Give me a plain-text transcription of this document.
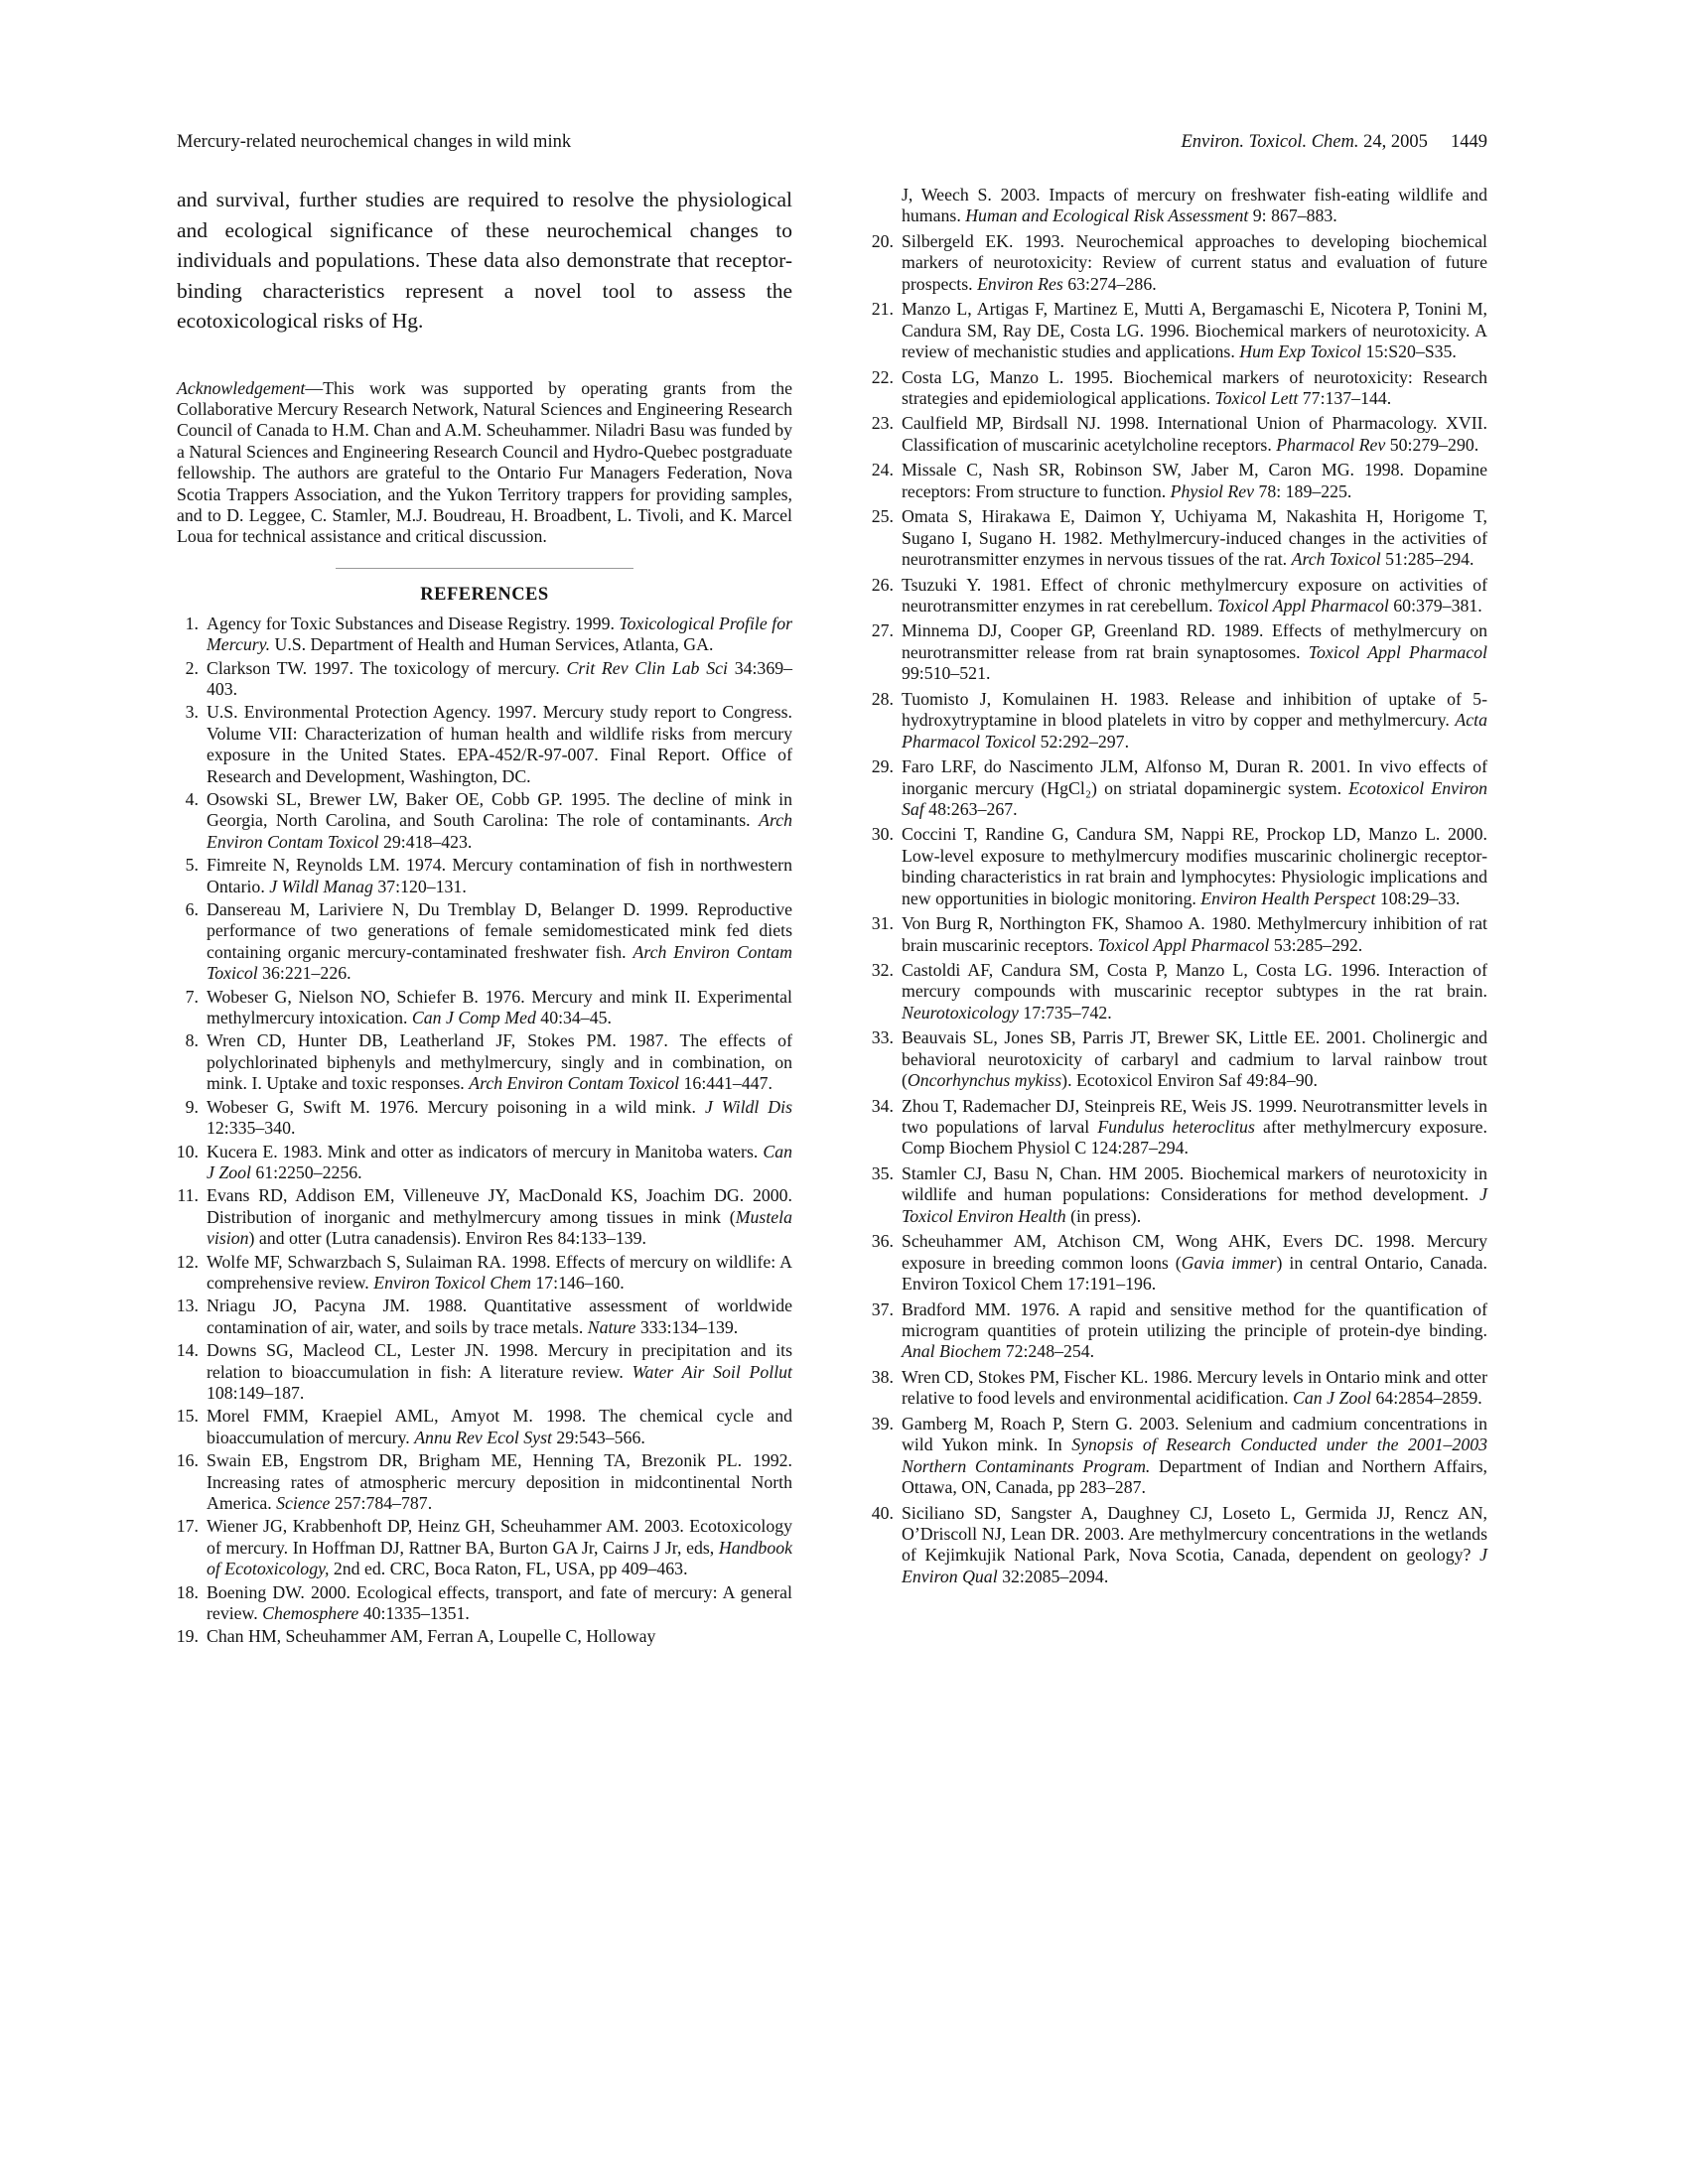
Mercury-related neurochemical changes in wild mink	Environ. Toxicol. Chem. 24, 2005 1449

and survival, further studies are required to resolve the physiological and ecological significance of these neurochemical changes to individuals and populations. These data also demonstrate that receptor-binding characteristics represent a novel tool to assess the ecotoxicological risks of Hg.

Acknowledgement—This work was supported by operating grants from the Collaborative Mercury Research Network, Natural Sciences and Engineering Research Council of Canada to H.M. Chan and A.M. Scheuhammer. Niladri Basu was funded by a Natural Sciences and Engineering Research Council and Hydro-Quebec postgraduate fellowship. The authors are grateful to the Ontario Fur Managers Federation, Nova Scotia Trappers Association, and the Yukon Territory trappers for providing samples, and to D. Leggee, C. Stamler, M.J. Boudreau, H. Broadbent, L. Tivoli, and K. Marcel Loua for technical assistance and critical discussion.

REFERENCES
1. Agency for Toxic Substances and Disease Registry. 1999. Toxicological Profile for Mercury. U.S. Department of Health and Human Services, Atlanta, GA.
2. Clarkson TW. 1997. The toxicology of mercury. Crit Rev Clin Lab Sci 34:369–403.
3. U.S. Environmental Protection Agency. 1997. Mercury study report to Congress. Volume VII: Characterization of human health and wildlife risks from mercury exposure in the United States. EPA-452/R-97-007. Final Report. Office of Research and Development, Washington, DC.
4. Osowski SL, Brewer LW, Baker OE, Cobb GP. 1995. The decline of mink in Georgia, North Carolina, and South Carolina: The role of contaminants. Arch Environ Contam Toxicol 29:418–423.
5. Fimreite N, Reynolds LM. 1974. Mercury contamination of fish in northwestern Ontario. J Wildl Manag 37:120–131.
6. Dansereau M, Lariviere N, Du Tremblay D, Belanger D. 1999. Reproductive performance of two generations of female semidomesticated mink fed diets containing organic mercury-contaminated freshwater fish. Arch Environ Contam Toxicol 36:221–226.
7. Wobeser G, Nielson NO, Schiefer B. 1976. Mercury and mink II. Experimental methylmercury intoxication. Can J Comp Med 40:34–45.
8. Wren CD, Hunter DB, Leatherland JF, Stokes PM. 1987. The effects of polychlorinated biphenyls and methylmercury, singly and in combination, on mink. I. Uptake and toxic responses. Arch Environ Contam Toxicol 16:441–447.
9. Wobeser G, Swift M. 1976. Mercury poisoning in a wild mink. J Wildl Dis 12:335–340.
10. Kucera E. 1983. Mink and otter as indicators of mercury in Manitoba waters. Can J Zool 61:2250–2256.
11. Evans RD, Addison EM, Villeneuve JY, MacDonald KS, Joachim DG. 2000. Distribution of inorganic and methylmercury among tissues in mink (Mustela vision) and otter (Lutra canadensis). Environ Res 84:133–139.
12. Wolfe MF, Schwarzbach S, Sulaiman RA. 1998. Effects of mercury on wildlife: A comprehensive review. Environ Toxicol Chem 17:146–160.
13. Nriagu JO, Pacyna JM. 1988. Quantitative assessment of worldwide contamination of air, water, and soils by trace metals. Nature 333:134–139.
14. Downs SG, Macleod CL, Lester JN. 1998. Mercury in precipitation and its relation to bioaccumulation in fish: A literature review. Water Air Soil Pollut 108:149–187.
15. Morel FMM, Kraepiel AML, Amyot M. 1998. The chemical cycle and bioaccumulation of mercury. Annu Rev Ecol Syst 29:543–566.
16. Swain EB, Engstrom DR, Brigham ME, Henning TA, Brezonik PL. 1992. Increasing rates of atmospheric mercury deposition in midcontinental North America. Science 257:784–787.
17. Wiener JG, Krabbenhoft DP, Heinz GH, Scheuhammer AM. 2003. Ecotoxicology of mercury. In Hoffman DJ, Rattner BA, Burton GA Jr, Cairns J Jr, eds, Handbook of Ecotoxicology, 2nd ed. CRC, Boca Raton, FL, USA, pp 409–463.
18. Boening DW. 2000. Ecological effects, transport, and fate of mercury: A general review. Chemosphere 40:1335–1351.
19. Chan HM, Scheuhammer AM, Ferran A, Loupelle C, Holloway

J, Weech S. 2003. Impacts of mercury on freshwater fish-eating wildlife and humans. Human and Ecological Risk Assessment 9: 867–883.

20. Silbergeld EK. 1993. Neurochemical approaches to developing biochemical markers of neurotoxicity: Review of current status and evaluation of future prospects. Environ Res 63:274–286.
21. Manzo L, Artigas F, Martinez E, Mutti A, Bergamaschi E, Nicotera P, Tonini M, Candura SM, Ray DE, Costa LG. 1996. Biochemical markers of neurotoxicity. A review of mechanistic studies and applications. Hum Exp Toxicol 15:S20–S35.
22. Costa LG, Manzo L. 1995. Biochemical markers of neurotoxicity: Research strategies and epidemiological applications. Toxicol Lett 77:137–144.
23. Caulfield MP, Birdsall NJ. 1998. International Union of Pharmacology. XVII. Classification of muscarinic acetylcholine receptors. Pharmacol Rev 50:279–290.
24. Missale C, Nash SR, Robinson SW, Jaber M, Caron MG. 1998. Dopamine receptors: From structure to function. Physiol Rev 78: 189–225.
25. Omata S, Hirakawa E, Daimon Y, Uchiyama M, Nakashita H, Horigome T, Sugano I, Sugano H. 1982. Methylmercury-induced changes in the activities of neurotransmitter enzymes in nervous tissues of the rat. Arch Toxicol 51:285–294.
26. Tsuzuki Y. 1981. Effect of chronic methylmercury exposure on activities of neurotransmitter enzymes in rat cerebellum. Toxicol Appl Pharmacol 60:379–381.
27. Minnema DJ, Cooper GP, Greenland RD. 1989. Effects of methylmercury on neurotransmitter release from rat brain synaptosomes. Toxicol Appl Pharmacol 99:510–521.
28. Tuomisto J, Komulainen H. 1983. Release and inhibition of uptake of 5-hydroxytryptamine in blood platelets in vitro by copper and methylmercury. Acta Pharmacol Toxicol 52:292–297.
29. Faro LRF, do Nascimento JLM, Alfonso M, Duran R. 2001. In vivo effects of inorganic mercury (HgCl₂) on striatal dopaminergic system. Ecotoxicol Environ Saf 48:263–267.
30. Coccini T, Randine G, Candura SM, Nappi RE, Prockop LD, Manzo L. 2000. Low-level exposure to methylmercury modifies muscarinic cholinergic receptor-binding characteristics in rat brain and lymphocytes: Physiologic implications and new opportunities in biologic monitoring. Environ Health Perspect 108:29–33.
31. Von Burg R, Northington FK, Shamoo A. 1980. Methylmercury inhibition of rat brain muscarinic receptors. Toxicol Appl Pharmacol 53:285–292.
32. Castoldi AF, Candura SM, Costa P, Manzo L, Costa LG. 1996. Interaction of mercury compounds with muscarinic receptor subtypes in the rat brain. Neurotoxicology 17:735–742.
33. Beauvais SL, Jones SB, Parris JT, Brewer SK, Little EE. 2001. Cholinergic and behavioral neurotoxicity of carbaryl and cadmium to larval rainbow trout (Oncorhynchus mykiss). Ecotoxicol Environ Saf 49:84–90.
34. Zhou T, Rademacher DJ, Steinpreis RE, Weis JS. 1999. Neurotransmitter levels in two populations of larval Fundulus heteroclitus after methylmercury exposure. Comp Biochem Physiol C 124:287–294.
35. Stamler CJ, Basu N, Chan. HM 2005. Biochemical markers of neurotoxicity in wildlife and human populations: Considerations for method development. J Toxicol Environ Health (in press).
36. Scheuhammer AM, Atchison CM, Wong AHK, Evers DC. 1998. Mercury exposure in breeding common loons (Gavia immer) in central Ontario, Canada. Environ Toxicol Chem 17:191–196.
37. Bradford MM. 1976. A rapid and sensitive method for the quantification of microgram quantities of protein utilizing the principle of protein-dye binding. Anal Biochem 72:248–254.
38. Wren CD, Stokes PM, Fischer KL. 1986. Mercury levels in Ontario mink and otter relative to food levels and environmental acidification. Can J Zool 64:2854–2859.
39. Gamberg M, Roach P, Stern G. 2003. Selenium and cadmium concentrations in wild Yukon mink. In Synopsis of Research Conducted under the 2001–2003 Northern Contaminants Program. Department of Indian and Northern Affairs, Ottawa, ON, Canada, pp 283–287.
40. Siciliano SD, Sangster A, Daughney CJ, Loseto L, Germida JJ, Rencz AN, O’Driscoll NJ, Lean DR. 2003. Are methylmercury concentrations in the wetlands of Kejimkujik National Park, Nova Scotia, Canada, dependent on geology? J Environ Qual 32:2085–2094.
